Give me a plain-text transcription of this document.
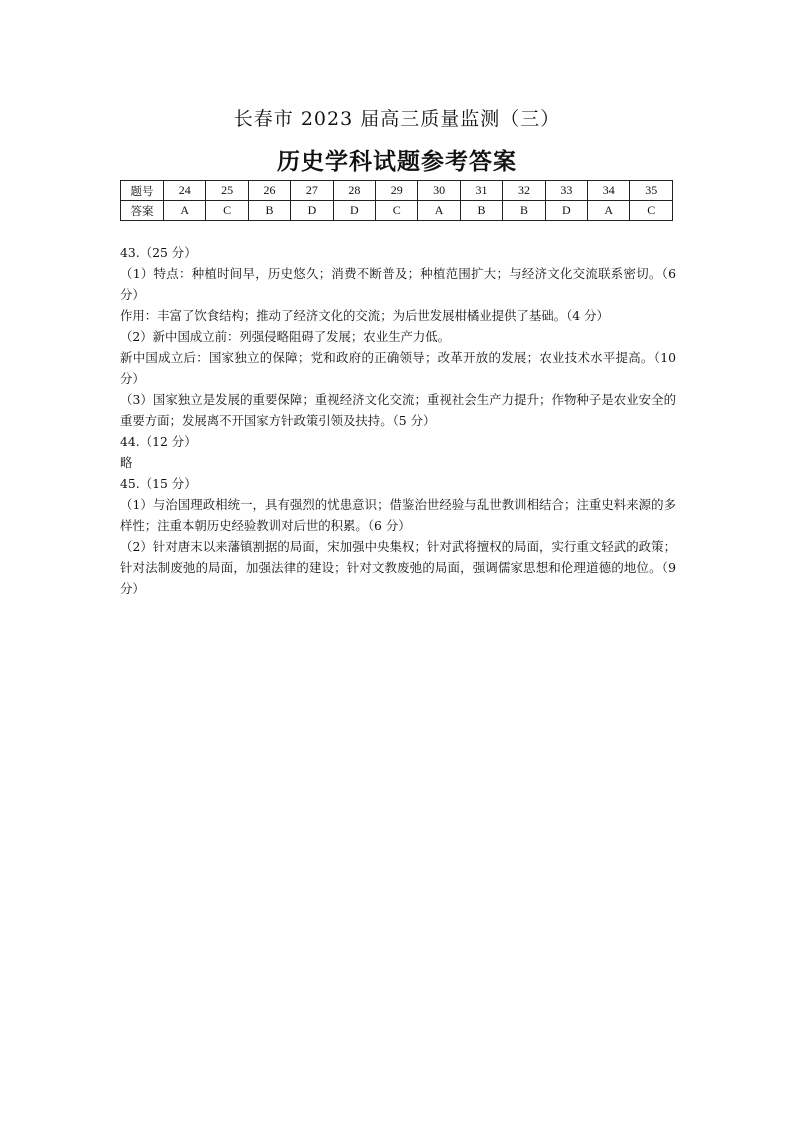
长春市 2023 届高三质量监测（三）
历史学科试题参考答案
题号	24	25	26	27	28	29	30	31	32	33	34	35
答案	A	C	B	D	D	C	A	B	B	D	A	C

43.（25 分）

（1）特点：种植时间早，历史悠久；消费不断普及；种植范围扩大；与经济文化交流联系密切。（6 分）

作用：丰富了饮食结构；推动了经济文化的交流；为后世发展柑橘业提供了基础。（4 分）

（2）新中国成立前：列强侵略阻碍了发展；农业生产力低。

新中国成立后：国家独立的保障；党和政府的正确领导；改革开放的发展；农业技术水平提高。（10 分）

（3）国家独立是发展的重要保障；重视经济文化交流；重视社会生产力提升；作物种子是农业安全的重要方面；发展离不开国家方针政策引领及扶持。（5 分）

44.（12 分）

略

45.（15 分）

（1）与治国理政相统一，具有强烈的忧患意识；借鉴治世经验与乱世教训相结合；注重史料来源的多样性；注重本朝历史经验教训对后世的积累。（6 分）

（2）针对唐末以来藩镇割据的局面，宋加强中央集权；针对武将擅权的局面，实行重文轻武的政策；针对法制废弛的局面，加强法律的建设；针对文教废弛的局面，强调儒家思想和伦理道德的地位。（9 分）
